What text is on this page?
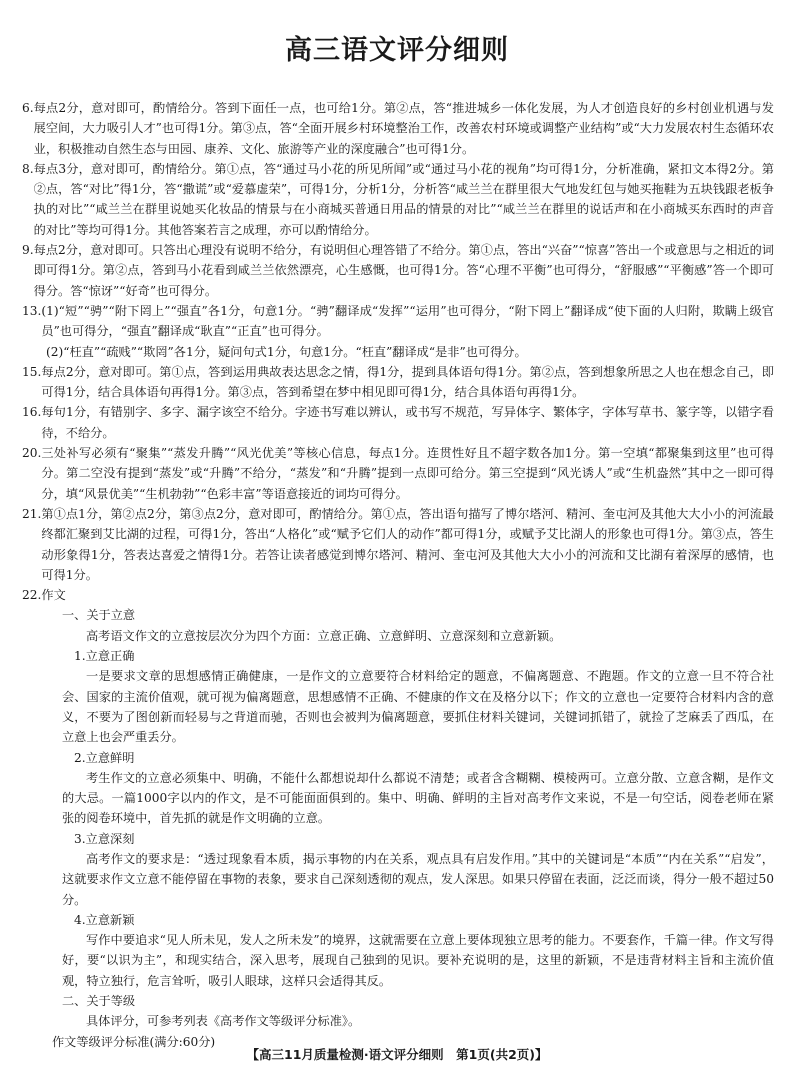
高三语文评分细则
6. 每点2分，意对即可，酌情给分。答到下面任一点，也可给1分。第②点，答“推进城乡一体化发展，为人才创造良好的乡村创业机遇与发展空间，大力吸引人才”也可得1分。第③点，答“全面开展乡村环境整治工作，改善农村环境或调整产业结构”或“大力发展农村生态循环农业，积极推动自然生态与田园、康养、文化、旅游等产业的深度融合”也可得1分。
8. 每点3分，意对即可，酌情给分。第①点，答“通过马小花的所见所闻”或“通过马小花的视角”均可得1分，分析准确，紧扣文本得2分。第②点，答“对比”得1分，答“撒谎”或“爱慕虚荣”，可得1分，分析1分，分析答“咸兰兰在群里很大气地发红包与她买拖鞋为五块钱跟老板争执的对比”“咸兰兰在群里说她买化妆品的情景与在小商城买普通日用品的情景的对比”“咸兰兰在群里的说话声和在小商城买东西时的声音的对比”等均可得1分。其他答案若言之成理，亦可以酌情给分。
9. 每点2分，意对即可。只答出心理没有说明不给分，有说明但心理答错了不给分。第①点，答出“兴奋”“惊喜”答出一个或意思与之相近的词即可得1分。第②点，答到马小花看到咸兰兰依然漂亮，心生感慨，也可得1分。答“心理不平衡”也可得分，“舒服感”“平衡感”答一个即可得分。答“惊讶”“好奇”也可得分。
13. (1)“短”“骋”“附下罔上”“强直”各1分，句意1分。“骋”翻译成“发挥”“运用”也可得分，“附下罔上”翻译成“使下面的人归附，欺瞒上级官员”也可得分，“强直”翻译成“耿直”“正直”也可得分。
(2)“枉直”“疏贱”“欺罔”各1分，疑问句式1分，句意1分。“枉直”翻译成“是非”也可得分。
15. 每点2分，意对即可。第①点，答到运用典故表达思念之情，得1分，提到具体语句得1分。第②点，答到想象所思之人也在想念自己，即可得1分，结合具体语句再得1分。第③点，答到希望在梦中相见即可得1分，结合具体语句再得1分。
16. 每句1分，有错别字、多字、漏字该空不给分。字迹书写难以辨认，或书写不规范，写异体字、繁体字，字体写草书、篆字等，以错字看待，不给分。
20. 三处补写必须有“聚集”“蒸发升腾”“风光优美”等核心信息，每点1分。连贯性好且不超字数各加1分。第一空填“都聚集到这里”也可得分。第二空没有提到“蒸发”或“升腾”不给分，“蒸发”和“升腾”提到一点即可给分。第三空提到“风光诱人”或“生机盎然”其中之一即可得分，填“风景优美”“生机勃勃”“色彩丰富”等语意接近的词均可得分。
21. 第①点1分，第②点2分，第③点2分，意对即可，酌情给分。第①点，答出语句描写了博尔塔河、精河、奎屯河及其他大大小小的河流最终都汇聚到艾比湖的过程，可得1分，答出“人格化”或“赋予它们人的动作”都可得1分，或赋予艾比湖人的形象也可得1分。第③点，答生动形象得1分，答表达喜爱之情得1分。若答让读者感觉到博尔塔河、精河、奎屯河及其他大大小小的河流和艾比湖有着深厚的感情，也可得1分。
22.作文
一、关于立意
高考语文作文的立意按层次分为四个方面：立意正确、立意鲜明、立意深刻和立意新颖。
1.立意正确
一是要求文章的思想感情正确健康，一是作文的立意要符合材料给定的题意，不偏离题意、不跑题。作文的立意一旦不符合社会、国家的主流价值观，就可视为偏离题意，思想感情不正确、不健康的作文在及格分以下；作文的立意也一定要符合材料内含的意义，不要为了图创新而轻易与之背道而驰，否则也会被判为偏离题意，要抓住材料关键词，关键词抓错了，就捡了芝麻丢了西瓜，在立意上也会严重丢分。
2.立意鲜明
考生作文的立意必须集中、明确，不能什么都想说却什么都说不清楚；或者含含糊糊、模棱两可。立意分散、立意含糊，是作文的大忌。一篇1000字以内的作文，是不可能面面俱到的。集中、明确、鲜明的主旨对高考作文来说，不是一句空话，阅卷老师在紧张的阅卷环境中，首先抓的就是作文明确的立意。
3.立意深刻
高考作文的要求是：“透过现象看本质，揭示事物的内在关系，观点具有启发作用。”其中的关键词是“本质”“内在关系”“启发”，这就要求作文立意不能停留在事物的表象，要求自己深刻透彻的观点，发人深思。如果只停留在表面，泛泛而谈，得分一般不超过50分。
4.立意新颖
写作中要追求“见人所未见，发人之所未发”的境界，这就需要在立意上要体现独立思考的能力。不要套作，千篇一律。作文写得好，要“以识为主”，和现实结合，深入思考，展现自己独到的见识。要补充说明的是，这里的新颖，不是违背材料主旨和主流价值观，特立独行，危言耸听，吸引人眼球，这样只会适得其反。
二、关于等级
具体评分，可参考列表《高考作文等级评分标准》。
作文等级评分标准(满分:60分)
【高三11月质量检测·语文评分细则　第1页(共2页)】
